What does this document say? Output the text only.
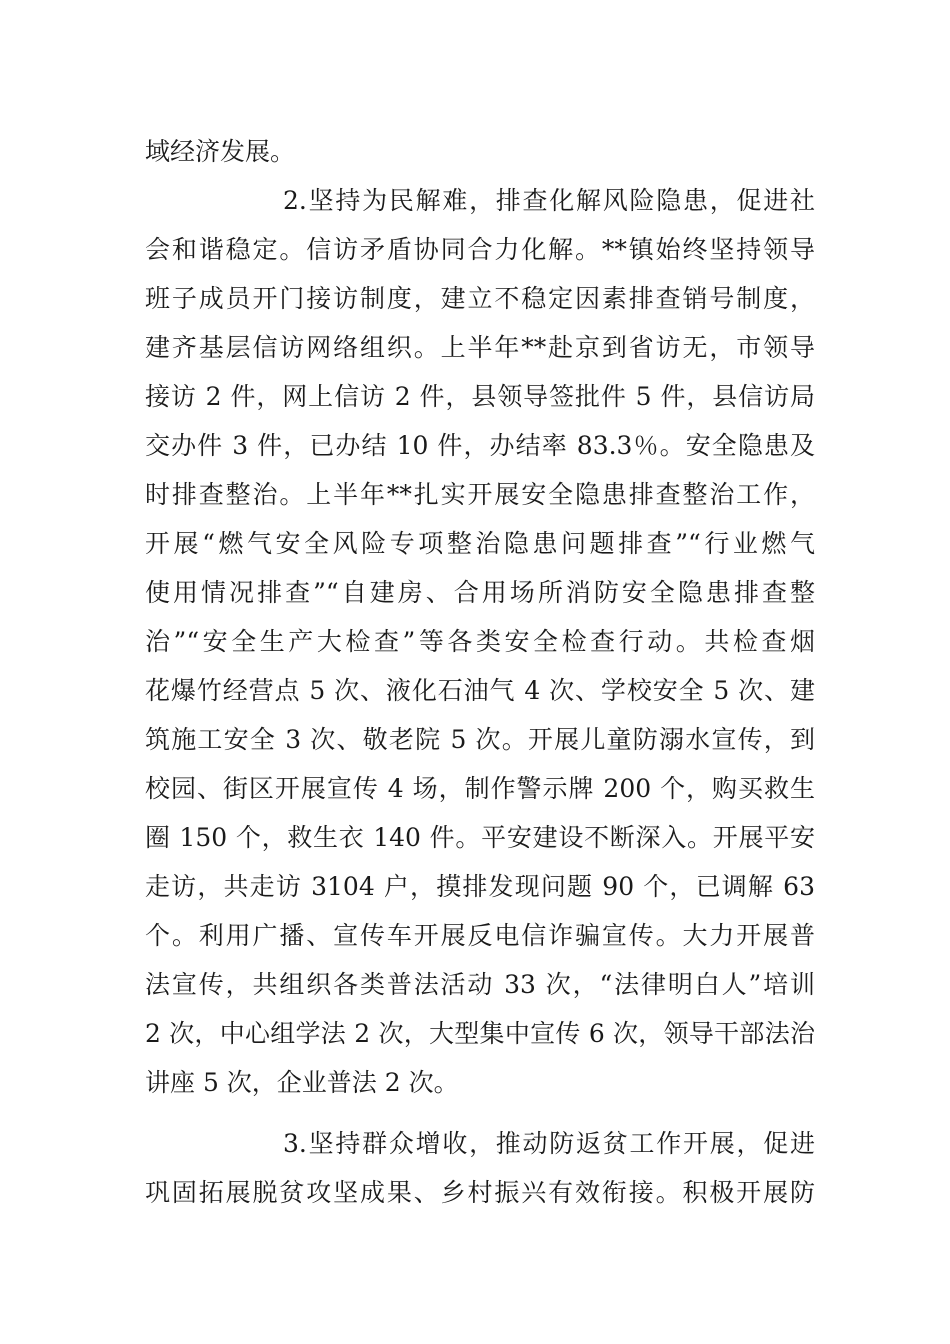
域经济发展。
2.坚持为民解难，排查化解风险隐患，促进社
会和谐稳定。信访矛盾协同合力化解。**镇始终坚持领导
班子成员开门接访制度，建立不稳定因素排查销号制度，
建齐基层信访网络组织。上半年**赴京到省访无，市领导
接访 2 件，网上信访 2 件，县领导签批件 5 件，县信访局
交办件 3 件，已办结 10 件，办结率 83.3％。安全隐患及
时排查整治。上半年**扎实开展安全隐患排查整治工作，
开展“燃气安全风险专项整治隐患问题排查”“行业燃气
使用情况排查”“自建房、合用场所消防安全隐患排查整
治”“安全生产大检查”等各类安全检查行动。共检查烟
花爆竹经营点 5 次、液化石油气 4 次、学校安全 5 次、建
筑施工安全 3 次、敬老院 5 次。开展儿童防溺水宣传，到
校园、街区开展宣传 4 场，制作警示牌 200 个，购买救生
圈 150 个，救生衣 140 件。平安建设不断深入。开展平安
走访，共走访 3104 户，摸排发现问题 90 个，已调解 63
个。利用广播、宣传车开展反电信诈骗宣传。大力开展普
法宣传，共组织各类普法活动 33 次，“法律明白人”培训
2 次，中心组学法 2 次，大型集中宣传 6 次，领导干部法治
讲座 5 次，企业普法 2 次。
3.坚持群众增收，推动防返贫工作开展，促进
巩固拓展脱贫攻坚成果、乡村振兴有效衔接。积极开展防
